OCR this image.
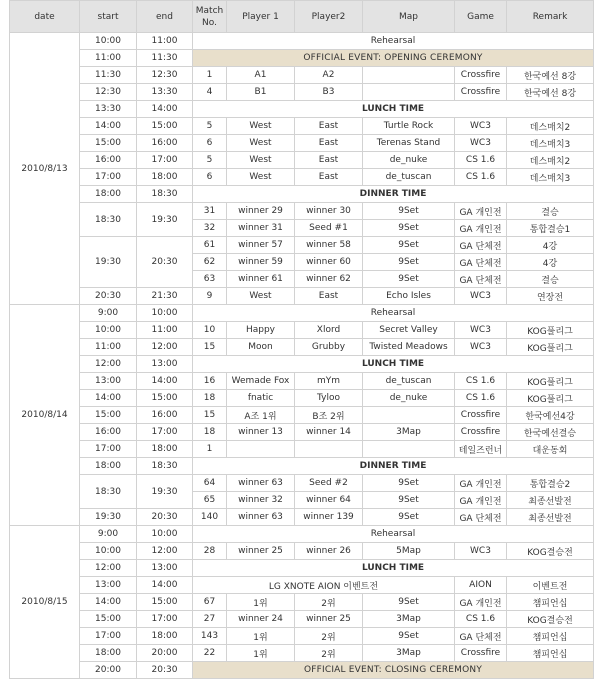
date	start	end	Match No.	Player 1	Player2	Map	Game	Remark
2010/8/13	10:00	11:00	Rehearsal					
	11:00	11:30	OFFICIAL EVENT: OPENING CEREMONY					
	11:30	12:30	1	A1	A2		Crossfire	한국예선 8강
	12:30	13:30	4	B1	B3		Crossfire	한국예선 8강
	13:30	14:00	LUNCH TIME					
	14:00	15:00	5	West	East	Turtle Rock	WC3	데스매치2
	15:00	16:00	6	West	East	Terenas Stand	WC3	데스매치3
	16:00	17:00	5	West	East	de_nuke	CS 1.6	데스매치2
	17:00	18:00	6	West	East	de_tuscan	CS 1.6	데스매치3
	18:00	18:30	DINNER TIME					
	18:30	19:30	31	winner 29	winner 30	9Set	GA 개인전	결승
			32	winner 31	Seed #1	9Set	GA 개인전	통합결승1
	19:30	20:30	61	winner 57	winner 58	9Set	GA 단체전	4강
			62	winner 59	winner 60	9Set	GA 단체전	4강
			63	winner 61	winner 62	9Set	GA 단체전	결승
	20:30	21:30	9	West	East	Echo Isles	WC3	연장전
2010/8/14	9:00	10:00	Rehearsal					
	10:00	11:00	10	Happy	Xlord	Secret Valley	WC3	KOG풀리그
	11:00	12:00	15	Moon	Grubby	Twisted Meadows	WC3	KOG풀리그
	12:00	13:00	LUNCH TIME					
	13:00	14:00	16	Wemade Fox	mYm	de_tuscan	CS 1.6	KOG풀리그
	14:00	15:00	18	fnatic	Tyloo	de_nuke	CS 1.6	KOG풀리그
	15:00	16:00	15	A조 1위	B조 2위		Crossfire	한국예선4강
	16:00	17:00	18	winner 13	winner 14	3Map	Crossfire	한국예선결승
	17:00	18:00	1				테일즈런너	대운동회
	18:00	18:30	DINNER TIME					
	18:30	19:30	64	winner 63	Seed #2	9Set	GA 개인전	통합결승2
			65	winner 32	winner 64	9Set	GA 개인전	최종선발전
	19:30	20:30	140	winner 63	winner 139	9Set	GA 단체전	최종선발전
2010/8/15	9:00	10:00	Rehearsal					
	10:00	12:00	28	winner 25	winner 26	5Map	WC3	KOG결승전
	12:00	13:00	LUNCH TIME					
	13:00	14:00	LG XNOTE AION 이벤트전				AION	이벤트전
	14:00	15:00	67	1위	2위	9Set	GA 개인전	챔피언십
	15:00	17:00	27	winner 24	winner 25	3Map	CS 1.6	KOG결승전
	17:00	18:00	143	1위	2위	9Set	GA 단체전	챔피언십
	18:00	20:00	22	1위	2위	3Map	Crossfire	챔피언십
	20:00	20:30	OFFICIAL EVENT: CLOSING CEREMONY					
